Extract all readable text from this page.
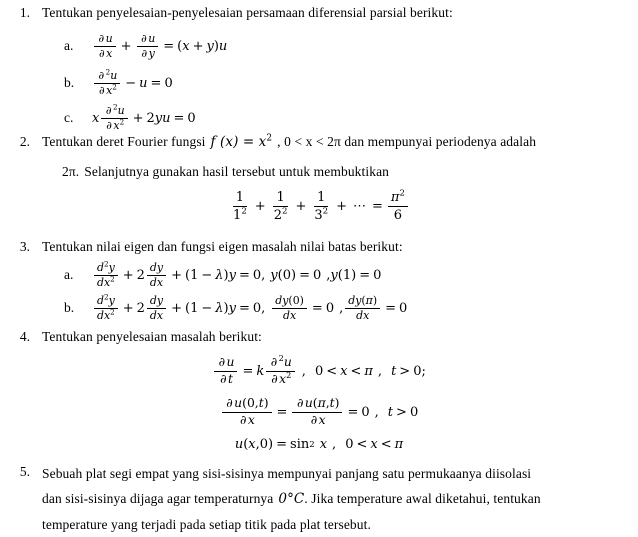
1. Tentukan penyelesaian-penyelesaian persamaan diferensial parsial berikut:
a.	$\frac{\partial u}{\partial x} + \frac{\partial u}{\partial y}$ = ( x + y ) u
b.	$\frac{\partial ^2u}{\partial x^2} - u = 0$
c.	x $\frac{\partial ^2u}{\partial x^2} + 2$ y u = 0
2. Tentukan deret Fourier fungsi f $(x) = x^2$ , 0 < x < 2π dan mempunyai periodenya adalah
2π. Selanjutnya gunakan hasil tersebut untuk membuktikan
$\frac{1}{1^2} + \frac{1}{2^2} + \frac{1}{3^2}$ + ⋯ = $\frac{\pi^2}{6}$
3. Tentukan nilai eigen dan fungsi eigen masalah nilai batas berikut:
a.	$\frac{d^2y}{dx^2} + 2 \frac{dy}{dx}$ + ( 1 − λ ) y = 0 , y ( 0 ) = 0 , y ( 1 ) = 0
b.	$\frac{d^2y}{dx^2} + 2 \frac{dy}{dx}$ + ( 1 − λ ) y = 0 , $\frac{dy(0)}{dx} = 0$ , $\frac{dy(\pi)}{dx} = 0$
4. Tentukan penyelesaian masalah berikut:
$\frac{\partial u}{\partial t} = k \frac{\partial ^2u}{\partial x^2}$ , 0 < x < π , t > 0 ;
$\frac{\partial u(0,t)}{\partial x} = \frac{\partial u(\pi,t)}{\partial x} = 0$ , t > 0
u ( x , 0 ) = sin 2 x , 0 < x < π
5. Sebuah plat segi empat yang sisi-sisinya mempunyai panjang satu permukaanya diisolasi
dan sisi-sisinya dijaga agar temperaturnya 0°C. Jika temperature awal diketahui, tentukan
temperature yang terjadi pada setiap titik pada plat tersebut.
